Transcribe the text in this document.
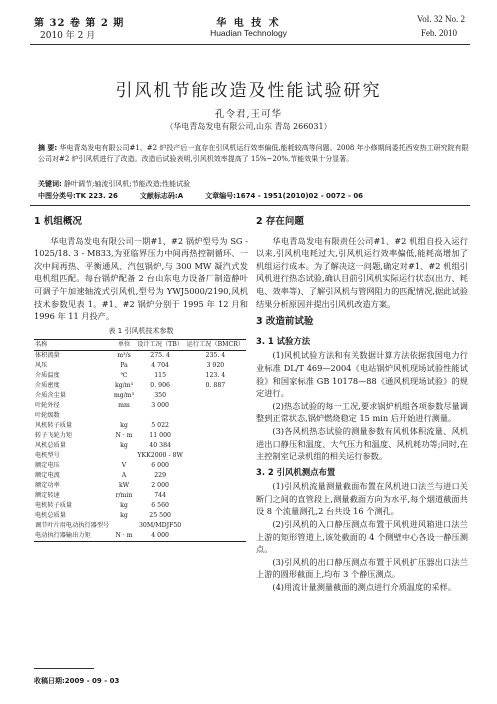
第 32 卷 第 2 期
2010 年 2 月
华 电 技 术
Huadian Technology
Vol. 32 No. 2
Feb. 2010
引风机节能改造及性能试验研究
孔令君,王可华
（华电青岛发电有限公司,山东 青岛 266031）
摘 要: 华电青岛发电有限公司#1、#2 炉投产后一直存在引风机运行效率偏低,能耗较高等问题。2008 年小修期间委托西安热工研究院有限公司对#2 炉引风机进行了改造。改造后试验表明,引风机效率提高了 15%~20%,节能效果十分显著。
关键词: 静叶调节;轴流引风机;节能改造;性能试验
中图分类号:TK 223. 26	文献标志码:A	文章编号:1674 - 1951(2010)02 - 0072 - 06
1 机组概况

华电青岛发电有限公司一期#1、#2 锅炉型号为 SG - 1025/18. 3 - M833,为亚临界压力中间再热控制循环、一次中间再热、平衡通风、汽包锅炉,与 300 MW 凝汽式发电机组匹配。每台锅炉配备 2 台山东电力设备厂制造静叶可调子午加速轴流式引风机,型号为 YWJ5000/2190,风机技术参数见表 1。#1、#2 锅炉分别于 1995 年 12 月和 1996 年 11 月投产。

表 1 引风机技术参数
名称	单位	设计工况（TB）	运行工况（BMCR）
体积流量	m³/s	275. 4	235. 4
风压	Pa	4 704	3 920
介质温度	℃	115	123. 4
介质密度	kg/m³	0. 906	0. 887
介质含尘量	mg/m³	350	
叶轮外径	mm	3 000	
叶轮级数			
风机转子质量	kg	5 022	
转子飞轮力矩	N · m	11 000	
风机总质量	kg	40 384	
电机型号		YKK2000 - 8W	
额定电压	V	6 000	
额定电流	A	229	
额定功率	kW	2 000	
额定转速	r/min	744	
电机转子质量	kg	6 560	
电机总质量	kg	25 500	
调节叶片用电动执行器型号		30M/MDJF50	
电动执行器输出力矩	N · m	4 000	
收稿日期:2009 - 09 - 03
2 存在问题

华电青岛发电有限责任公司#1、#2 机组自投入运行以来,引风机电耗过大,引风机运行效率偏低,能耗高增加了机组运行成本。为了解决这一问题,确定对#1、#2 机组引风机进行热态试验,确认目前引风机实际运行状态(出力、耗电、效率等)、了解引风机与管网阻力的匹配情况,据此试验结果分析原因并提出引风机改造方案。

3 改造前试验
3. 1 试验方法

(1)风机试验方法和有关数据计算方法依据我国电力行业标准 DL/T 469—2004《电站锅炉风机现场试验性能试验》和国家标准 GB 10178—88《通风机现场试验》的规定进行。

(2)热态试验的每一工况,要求锅炉机组各项参数尽量调整到正常状态,锅炉燃烧稳定 15 min 后开始进行测量。

(3)各风机热态试验的测量参数有风机体积流量、风机进出口静压和温度、大气压力和温度、风机耗功等;同时,在主控制室记录机组的相关运行参数。

3. 2 引风机测点布置

(1)引风机流量测量截面布置在风机进口法兰与进口关断门之间的直管段上,测量截面方向为水平,每个烟道截面共设 8 个流量测孔,2 台共设 16 个测孔。

(2)引风机的入口静压测点布置于风机进风箱进口法兰上游的矩形管道上,该处截面的 4 个侧壁中心各设一静压测点。

(3)引风机的出口静压测点布置于风机扩压器出口法兰上游的圆形截面上,均布 3 个静压测点。

(4)用流计量测量截面的测点进行介质温度的采样。
